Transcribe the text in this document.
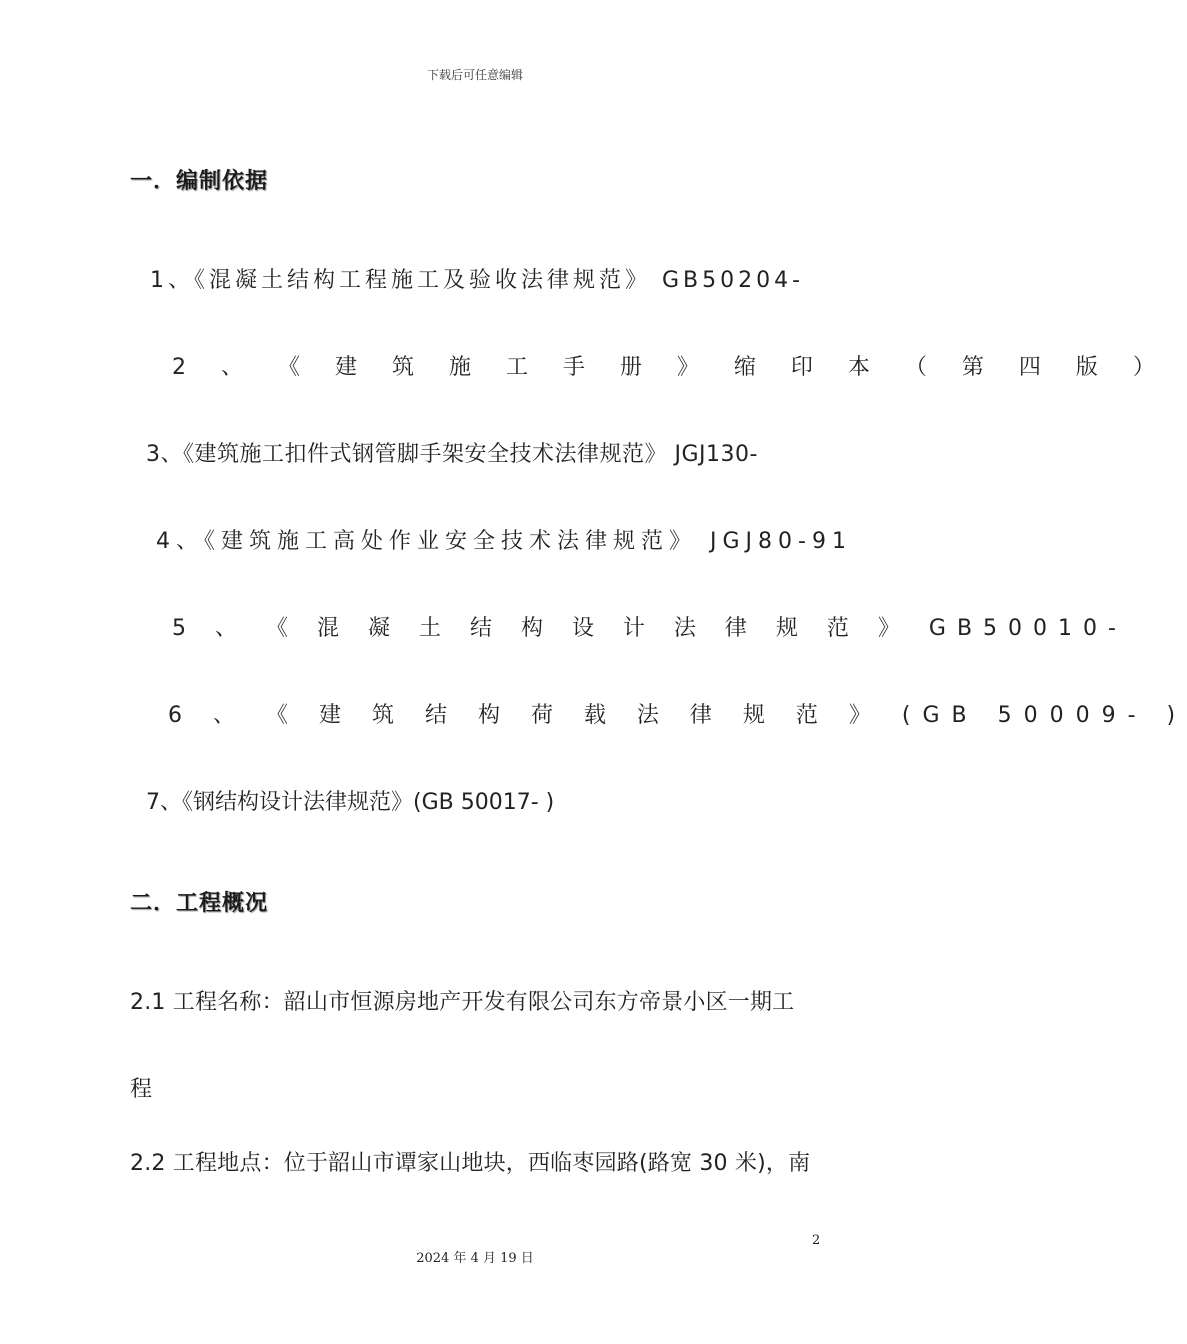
下载后可任意编辑
一．编制依据
1、《混凝土结构工程施工及验收法律规范》 GB50204-
2 、 《 建 筑 施 工 手 册 》 缩 印 本 （ 第 四 版 ）
3、《建筑施工扣件式钢管脚手架安全技术法律规范》 JGJ130-
4、《建筑施工高处作业安全技术法律规范》 JGJ80-91
5 、 《 混 凝 土 结 构 设 计 法 律 规 范 》 GB50010-
6 、 《 建 筑 结 构 荷 载 法 律 规 范 》 (GB 50009- )
7、《钢结构设计法律规范》(GB 50017- )
二．工程概况
2.1 工程名称：韶山市恒源房地产开发有限公司东方帝景小区一期工
程
2.2 工程地点：位于韶山市谭家山地块，西临枣园路(路宽 30 米)，南
2
2024 年 4 月 19 日
